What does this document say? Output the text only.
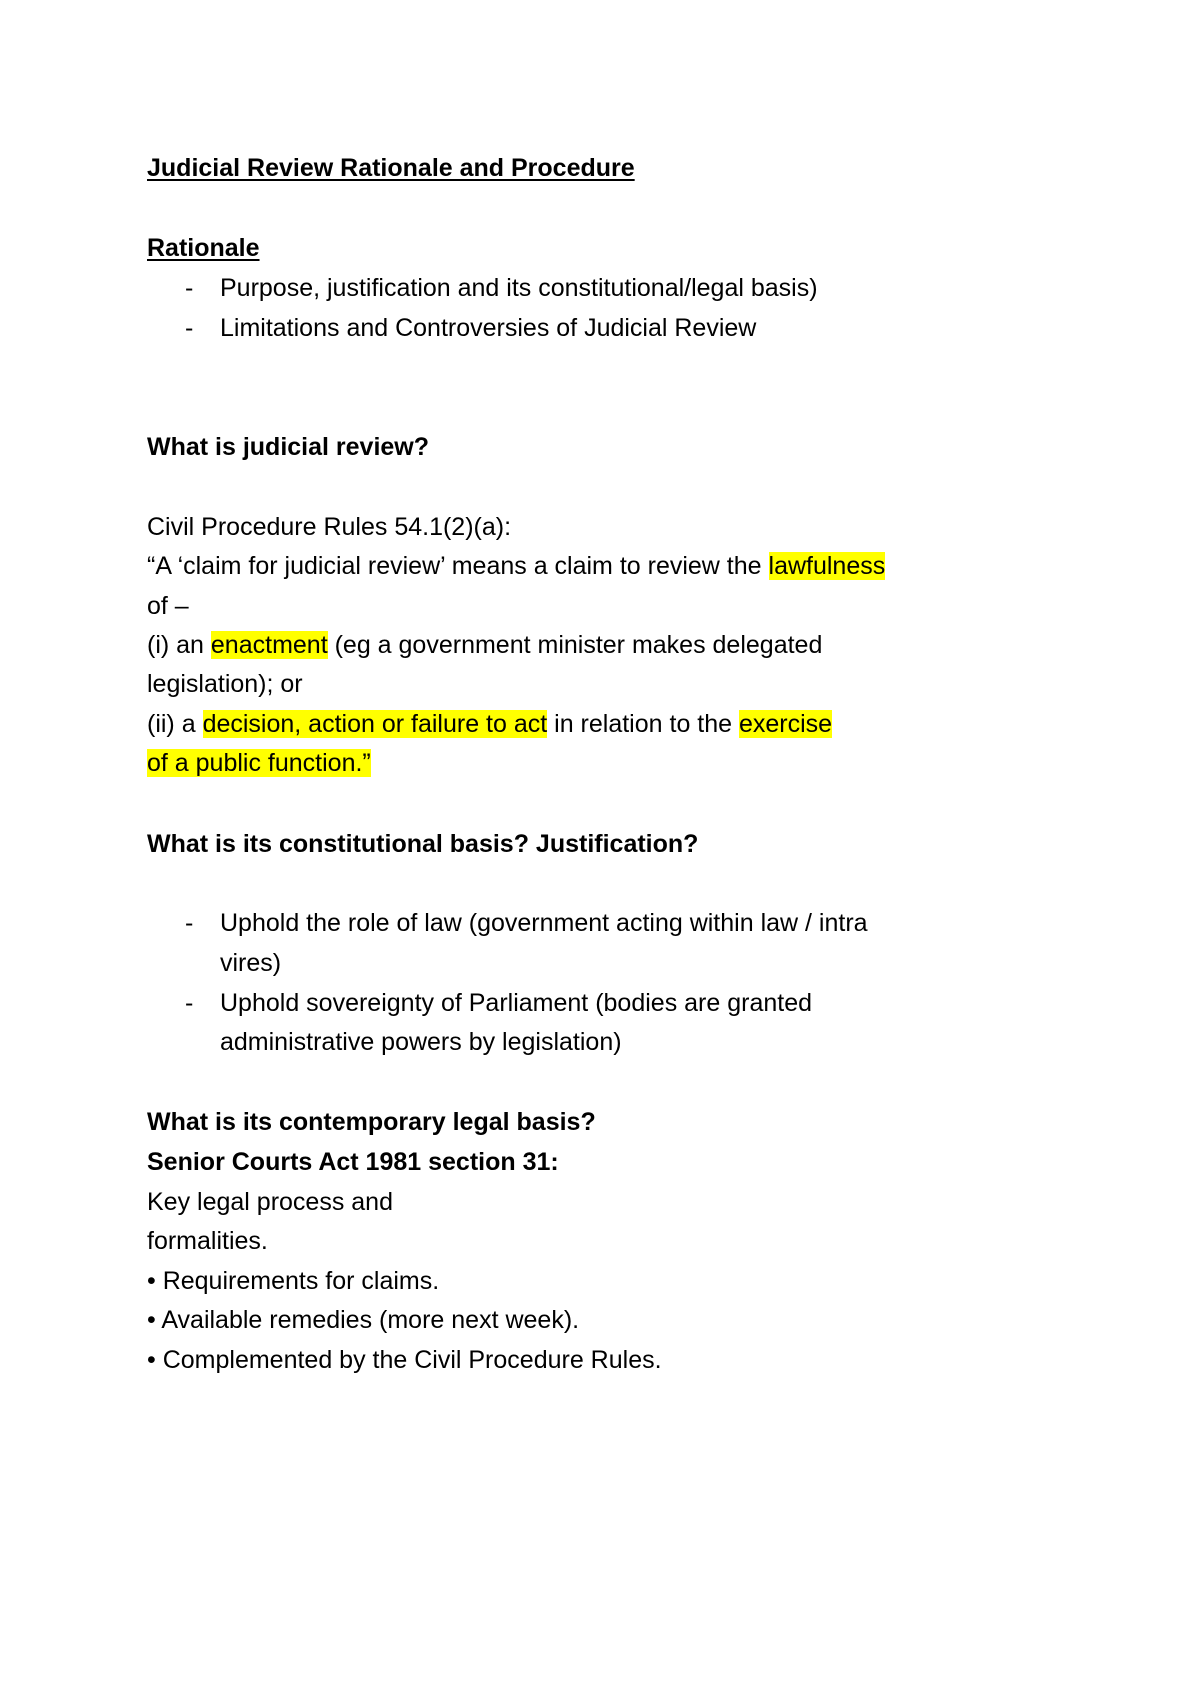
Judicial Review Rationale and Procedure
Rationale
- Purpose, justification and its constitutional/legal basis)
- Limitations and Controversies of Judicial Review
What is judicial review?
Civil Procedure Rules 54.1(2)(a):
“A ‘claim for judicial review’ means a claim to review the lawfulness
of –
(i) an enactment (eg a government minister makes delegated
legislation); or
(ii) a decision, action or failure to act in relation to the exercise
of a public function.”
What is its constitutional basis? Justification?
- Uphold the role of law (government acting within law / intra
vires)
- Uphold sovereignty of Parliament (bodies are granted
administrative powers by legislation)
What is its contemporary legal basis?
Senior Courts Act 1981 section 31:
Key legal process and
formalities.
• Requirements for claims.
• Available remedies (more next week).
• Complemented by the Civil Procedure Rules.
